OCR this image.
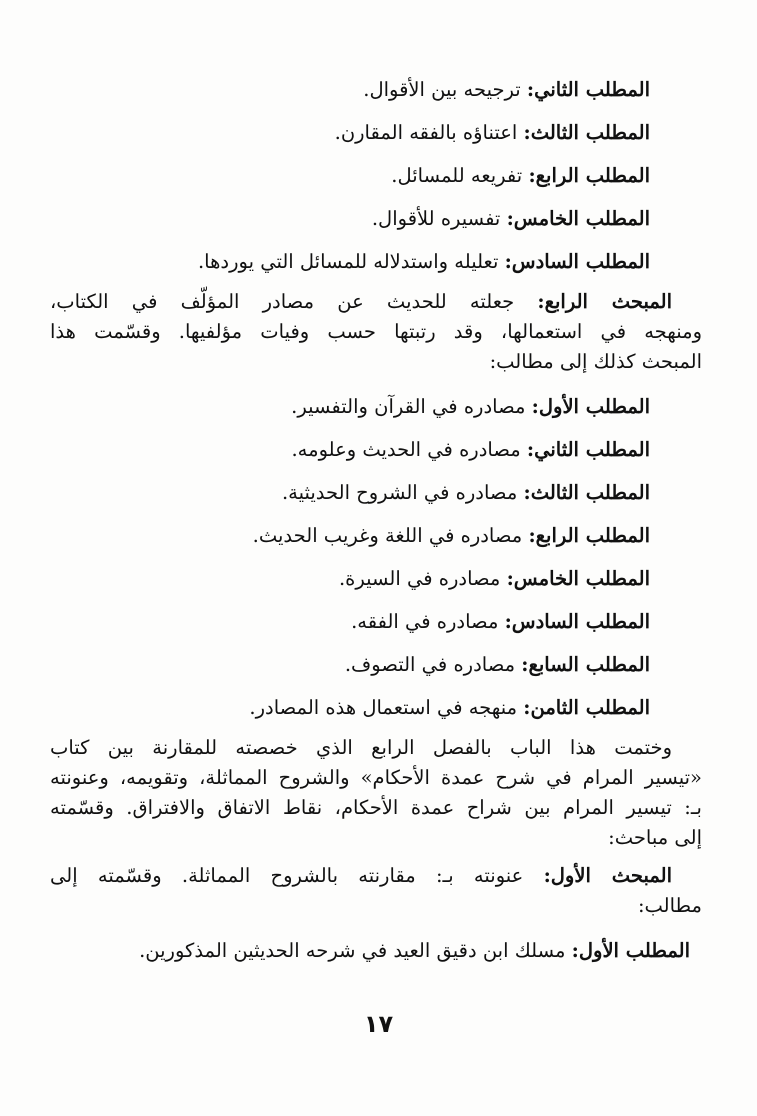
المطلب الثاني: ترجيحه بين الأقوال.
المطلب الثالث: اعتناؤه بالفقه المقارن.
المطلب الرابع: تفريعه للمسائل.
المطلب الخامس: تفسيره للأقوال.
المطلب السادس: تعليله واستدلاله للمسائل التي يوردها.
المبحث الرابع: جعلته للحديث عن مصادر المؤلّف في الكتاب،
ومنهجه في استعمالها، وقد رتبتها حسب وفيات مؤلفيها. وقسّمت هذا
المبحث كذلك إلى مطالب:
المطلب الأول: مصادره في القرآن والتفسير.
المطلب الثاني: مصادره في الحديث وعلومه.
المطلب الثالث: مصادره في الشروح الحديثية.
المطلب الرابع: مصادره في اللغة وغريب الحديث.
المطلب الخامس: مصادره في السيرة.
المطلب السادس: مصادره في الفقه.
المطلب السابع: مصادره في التصوف.
المطلب الثامن: منهجه في استعمال هذه المصادر.
وختمت هذا الباب بالفصل الرابع الذي خصصته للمقارنة بين كتاب
«تيسير المرام في شرح عمدة الأحكام» والشروح المماثلة، وتقويمه، وعنونته
بـ: تيسير المرام بين شراح عمدة الأحكام، نقاط الاتفاق والافتراق. وقسّمته
إلى مباحث:
المبحث الأول: عنونته بـ: مقارنته بالشروح المماثلة. وقسّمته إلى
مطالب:
المطلب الأول: مسلك ابن دقيق العيد في شرحه الحديثين المذكورين.
١٧
